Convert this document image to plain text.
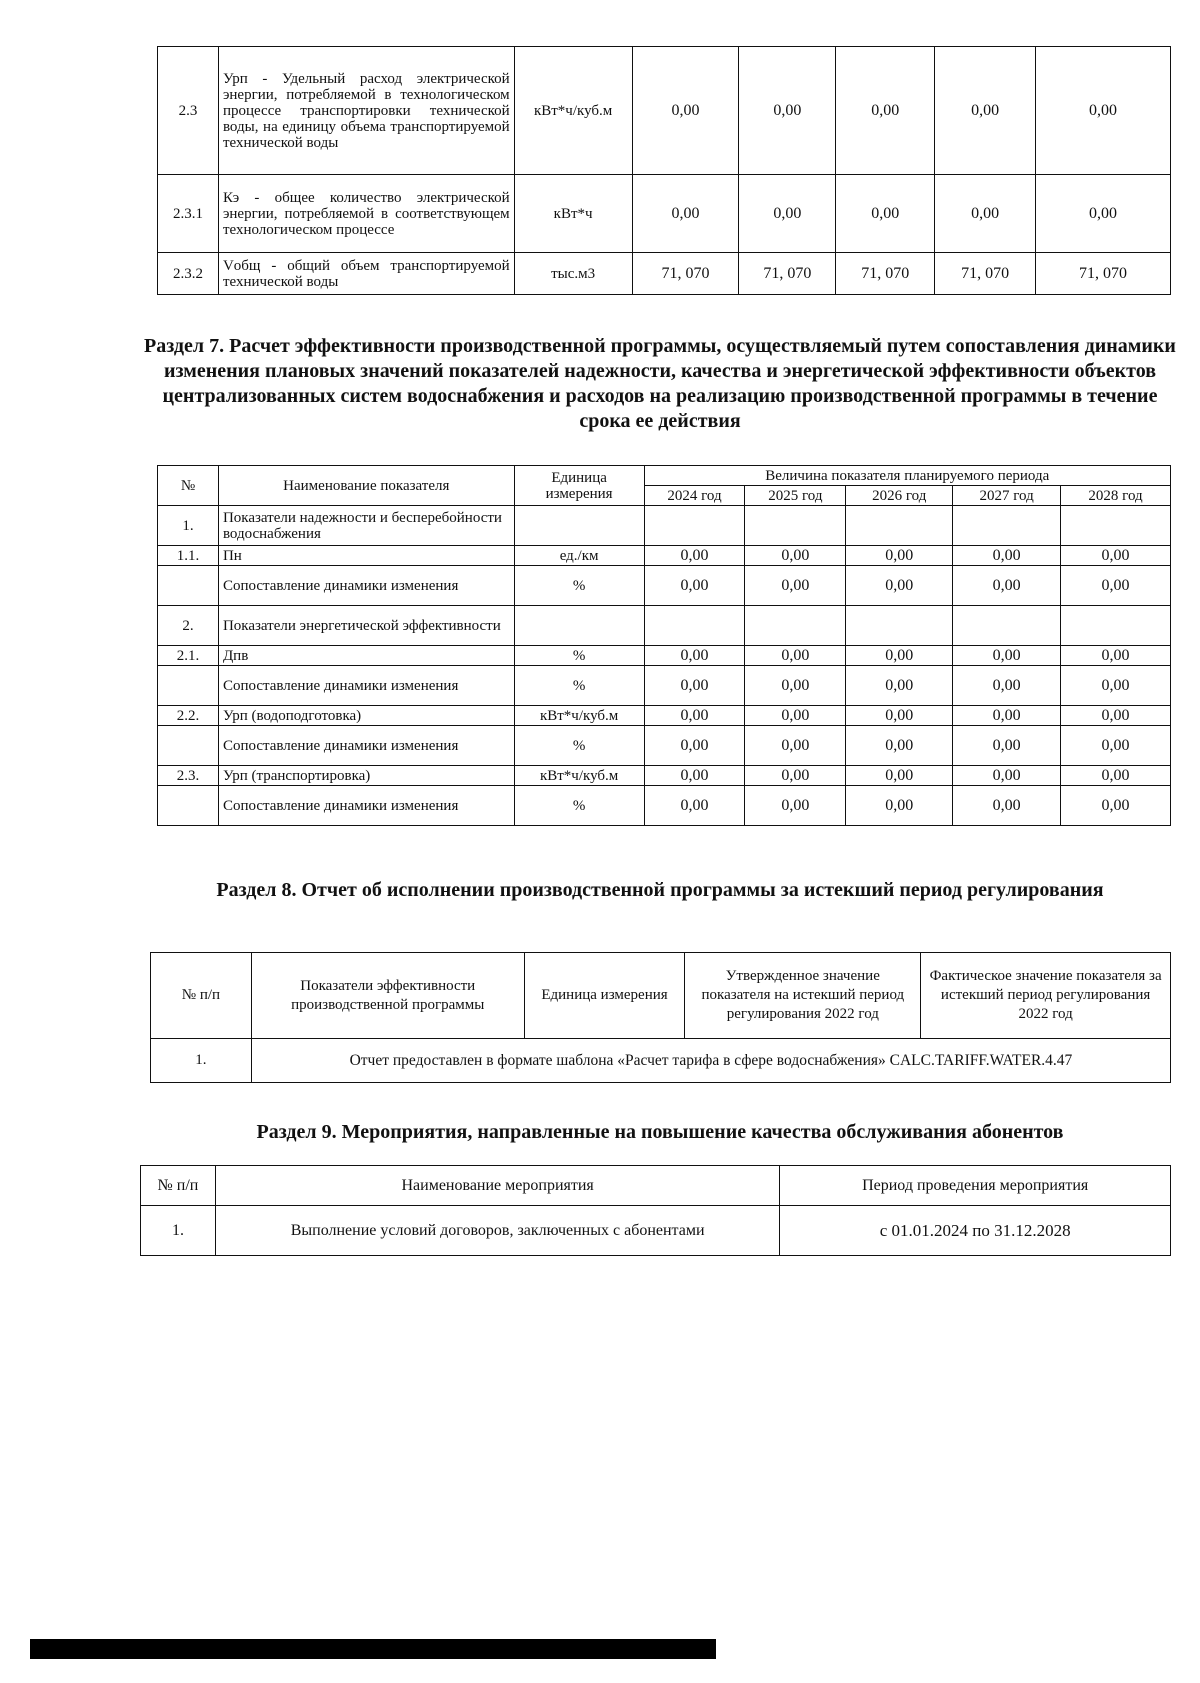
2.3	Урп - Удельный расход электрической энергии, потребляемой в технологическом процессе транспортировки технической воды, на единицу объема транспортируемой технической воды	кВт*ч/куб.м	0,00	0,00	0,00	0,00	0,00
2.3.1	Кэ - общее количество электрической энергии, потребляемой в соответствующем технологическом процессе	кВт*ч	0,00	0,00	0,00	0,00	0,00
2.3.2	Vобщ - общий объем транспортируемой технической воды	тыс.м3	71, 070	71, 070	71, 070	71, 070	71, 070
Раздел 7. Расчет эффективности производственной программы, осуществляемый путем сопоставления динамики изменения плановых значений показателей надежности, качества и энергетической эффективности объектов централизованных систем водоснабжения и расходов на реализацию производственной программы в течение срока ее действия
№	Наименование показателя	Единица измерения	Величина показателя планируемого периода				
			2024 год	2025 год	2026 год	2027 год	2028 год
1.	Показатели надежности и бесперебойности водоснабжения						
1.1.	Пн	ед./км	0,00	0,00	0,00	0,00	0,00
	Сопоставление динамики изменения	%	0,00	0,00	0,00	0,00	0,00
2.	Показатели энергетической эффективности						
2.1.	Дпв	%	0,00	0,00	0,00	0,00	0,00
	Сопоставление динамики изменения	%	0,00	0,00	0,00	0,00	0,00
2.2.	Урп (водоподготовка)	кВт*ч/куб.м	0,00	0,00	0,00	0,00	0,00
	Сопоставление динамики изменения	%	0,00	0,00	0,00	0,00	0,00
2.3.	Урп (транспортировка)	кВт*ч/куб.м	0,00	0,00	0,00	0,00	0,00
	Сопоставление динамики изменения	%	0,00	0,00	0,00	0,00	0,00
Раздел 8. Отчет об исполнении производственной программы за истекший период регулирования
№ п/п	Показатели эффективности производственной программы	Единица измерения	Утвержденное значение показателя на истекший период регулирования 2022 год	Фактическое значение показателя за истекший период регулирования 2022 год
1.	Отчет предоставлен в формате шаблона «Расчет тарифа в сфере водоснабжения» CALC.TARIFF.WATER.4.47			
Раздел 9. Мероприятия, направленные на повышение качества обслуживания абонентов
№ п/п	Наименование мероприятия	Период проведения мероприятия
1.	Выполнение условий договоров, заключенных с абонентами	с 01.01.2024 по 31.12.2028
